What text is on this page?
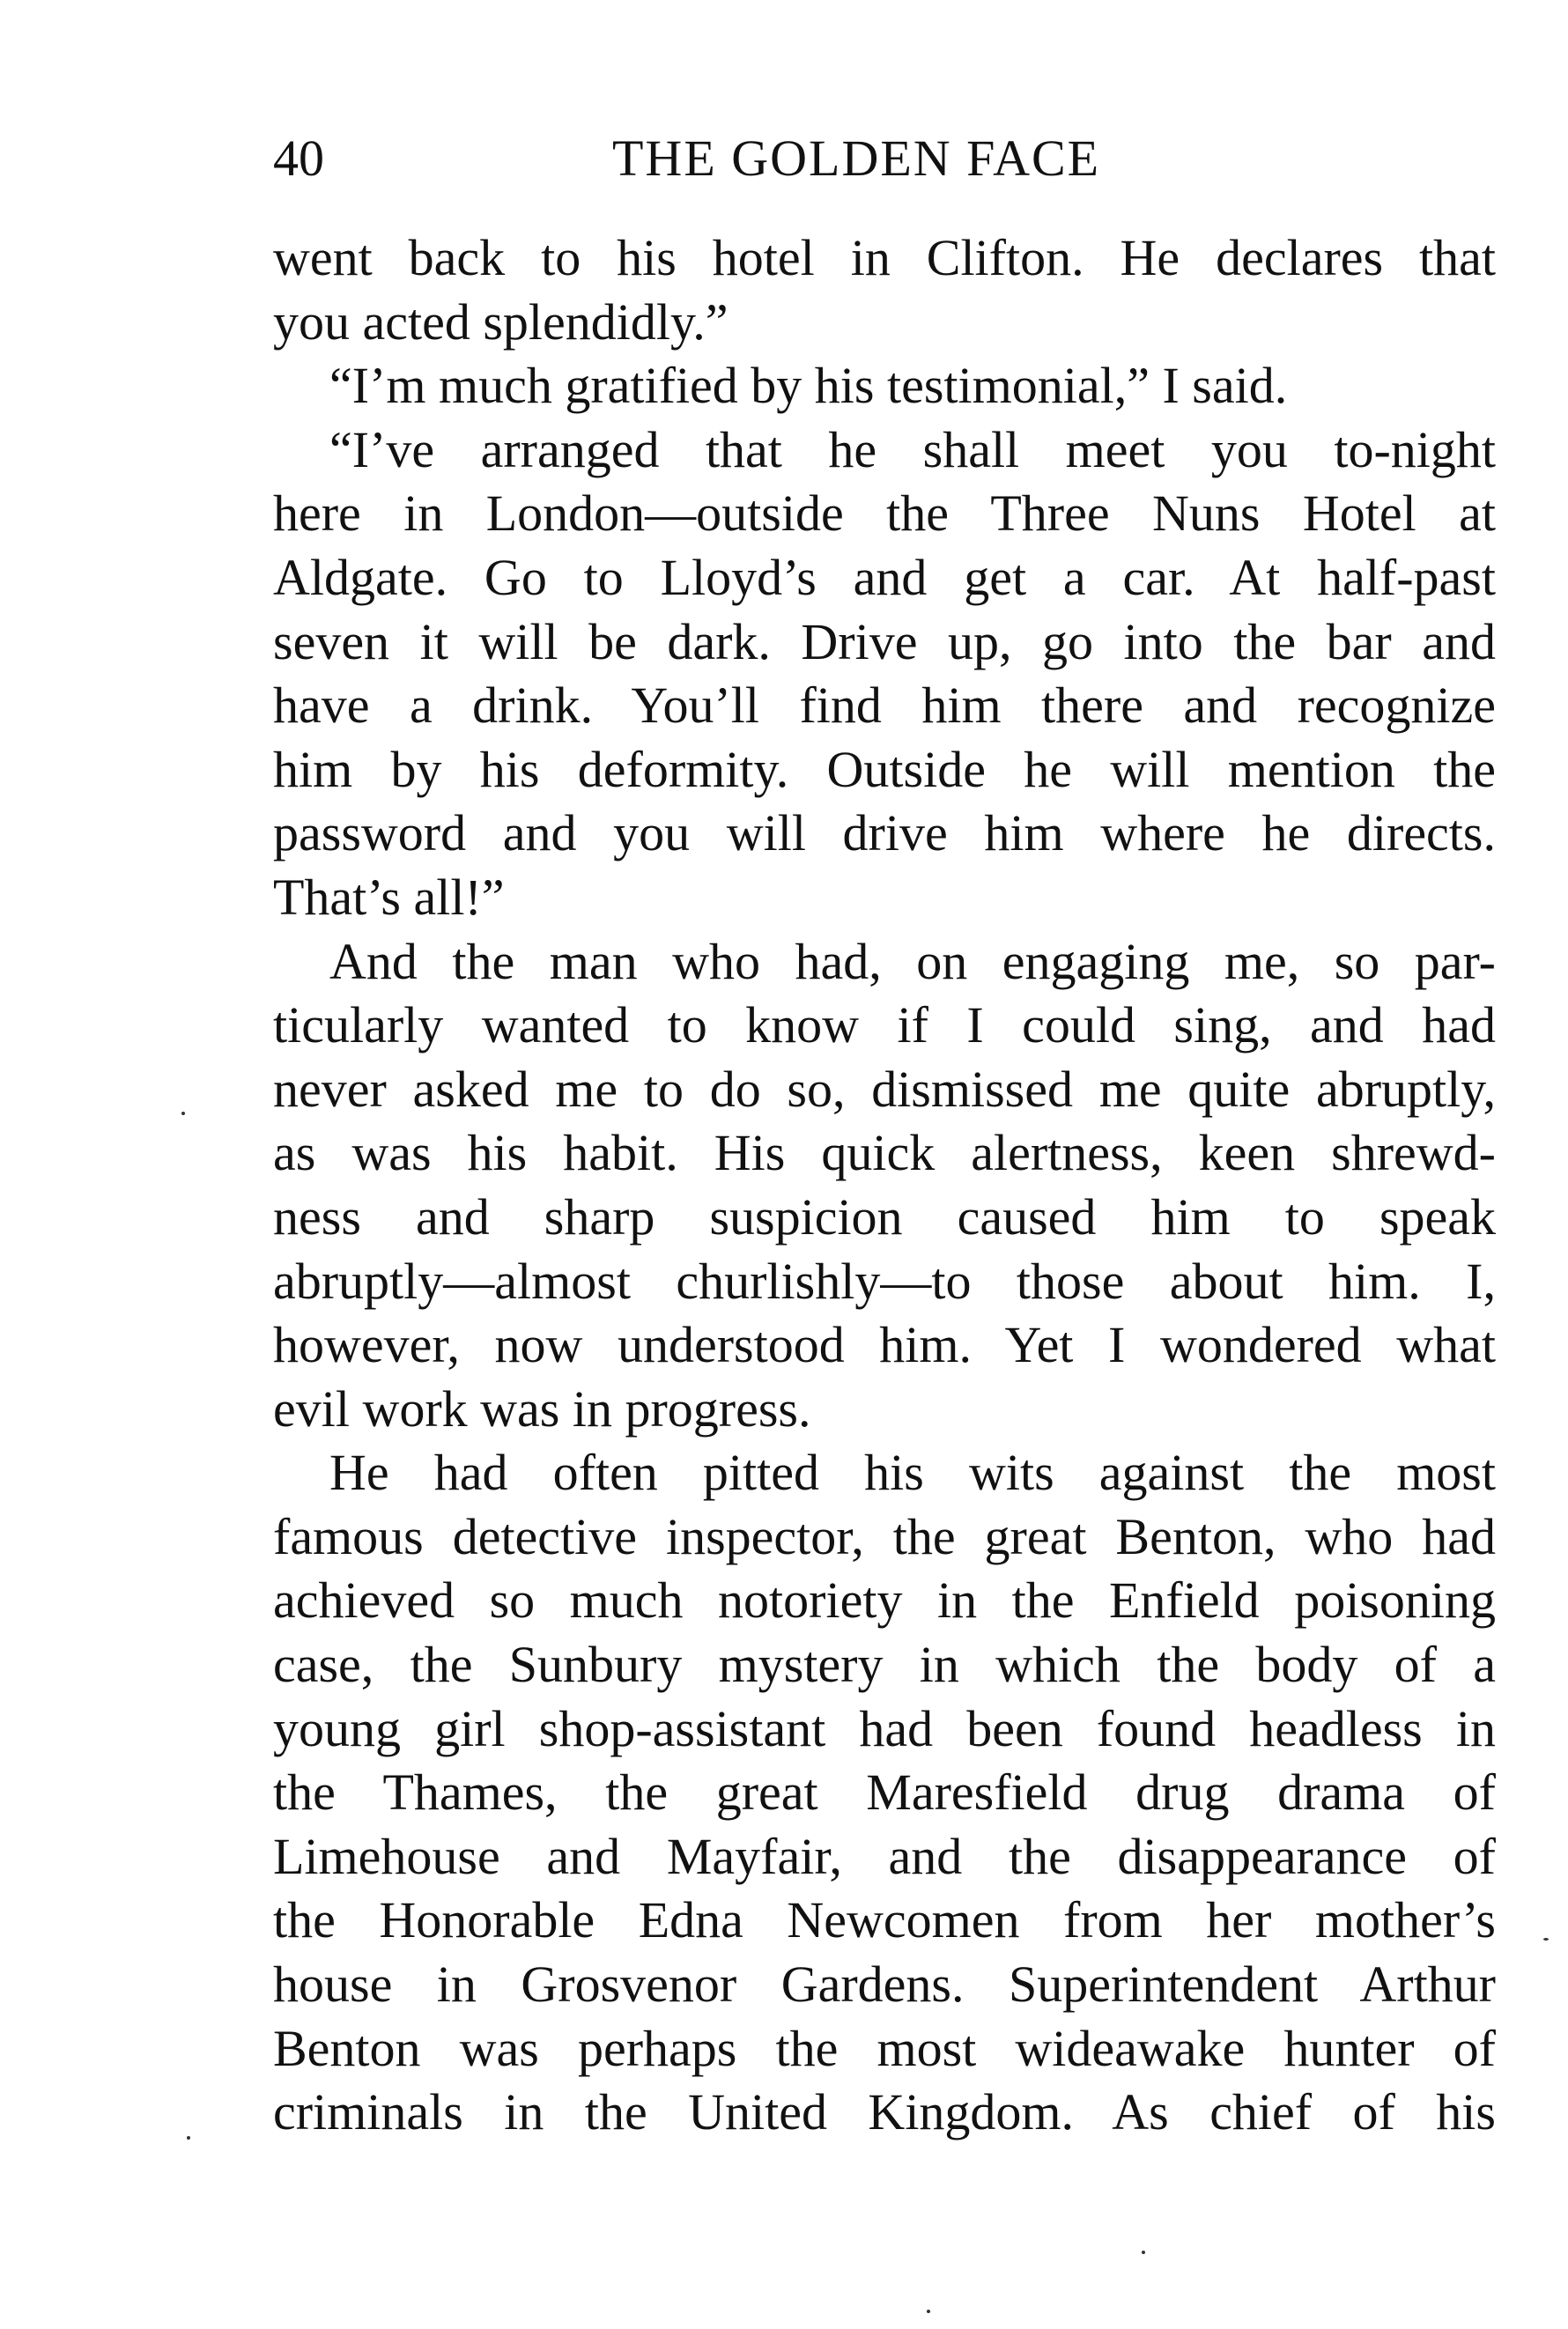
40	THE GOLDEN FACE
went back to his hotel in Clifton. He declares that
you acted splendidly.”
“I’m much gratified by his testimonial,” I said.
“I’ve arranged that he shall meet you to-night
here in London—outside the Three Nuns Hotel at
Aldgate. Go to Lloyd’s and get a car. At half-past
seven it will be dark. Drive up, go into the bar and
have a drink. You’ll find him there and recognize
him by his deformity. Outside he will mention the
password and you will drive him where he directs.
That’s all!”
And the man who had, on engaging me, so par-
ticularly wanted to know if I could sing, and had
never asked me to do so, dismissed me quite abruptly,
as was his habit. His quick alertness, keen shrewd-
ness and sharp suspicion caused him to speak
abruptly—almost churlishly—to those about him. I,
however, now understood him. Yet I wondered what
evil work was in progress.
He had often pitted his wits against the most
famous detective inspector, the great Benton, who had
achieved so much notoriety in the Enfield poisoning
case, the Sunbury mystery in which the body of a
young girl shop-assistant had been found headless in
the Thames, the great Maresfield drug drama of
Limehouse and Mayfair, and the disappearance of
the Honorable Edna Newcomen from her mother’s
house in Grosvenor Gardens. Superintendent Arthur
Benton was perhaps the most wideawake hunter of
criminals in the United Kingdom. As chief of his
